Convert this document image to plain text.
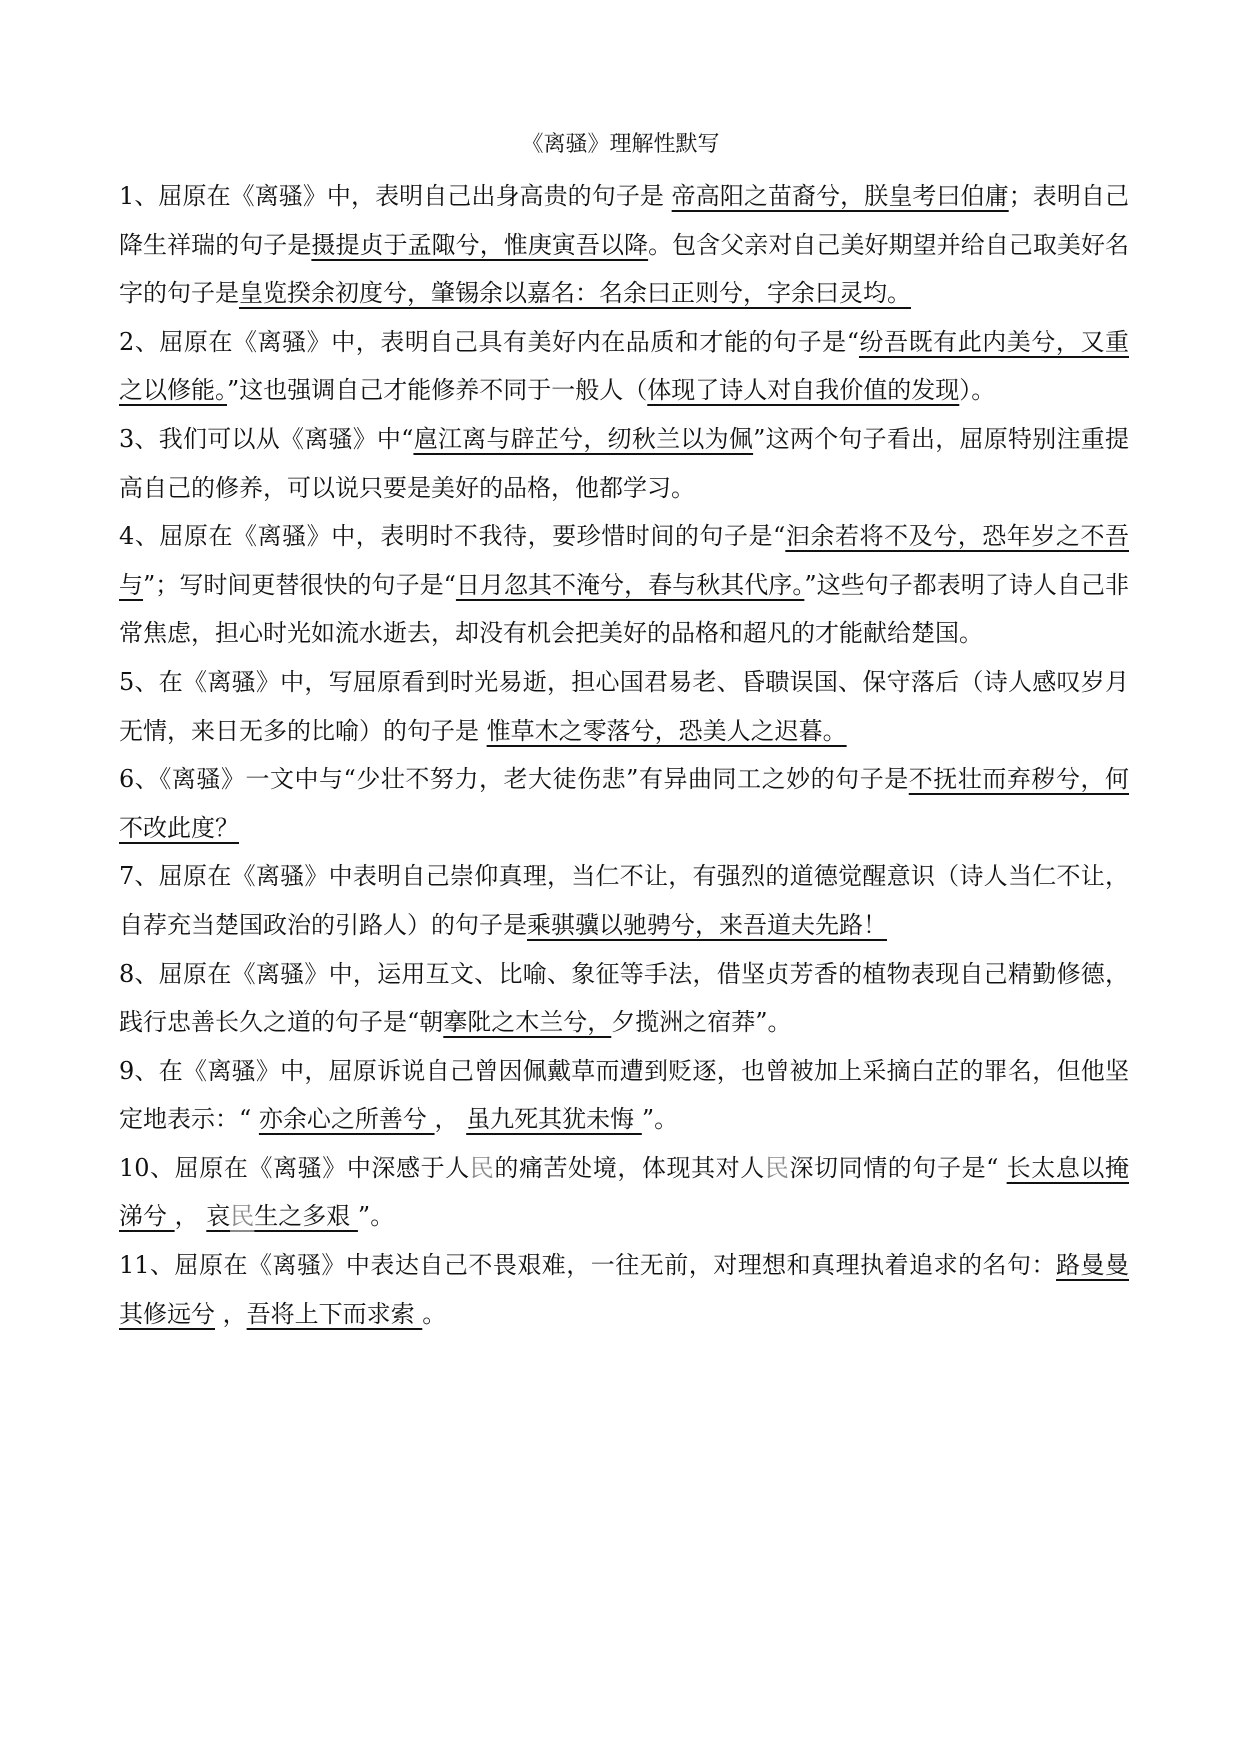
《离骚》理解性默写

1、屈原在《离骚》中，表明自己出身高贵的句子是 帝高阳之苗裔兮，朕皇考曰伯庸；表明自己降生祥瑞的句子是摄提贞于孟陬兮，惟庚寅吾以降。包含父亲对自己美好期望并给自己取美好名字的句子是皇览揆余初度兮，肇锡余以嘉名：名余曰正则兮，字余曰灵均。

2、屈原在《离骚》中，表明自己具有美好内在品质和才能的句子是“纷吾既有此内美兮，又重之以修能。”这也强调自己才能修养不同于一般人（体现了诗人对自我价值的发现）。

3、我们可以从《离骚》中“扈江离与辟芷兮，纫秋兰以为佩”这两个句子看出，屈原特别注重提高自己的修养，可以说只要是美好的品格，他都学习。

4、屈原在《离骚》中，表明时不我待，要珍惜时间的句子是“汩余若将不及兮，恐年岁之不吾与”；写时间更替很快的句子是“日月忽其不淹兮，春与秋其代序。”这些句子都表明了诗人自己非常焦虑，担心时光如流水逝去，却没有机会把美好的品格和超凡的才能献给楚国。

5、在《离骚》中，写屈原看到时光易逝，担心国君易老、昏聩误国、保守落后（诗人感叹岁月无情，来日无多的比喻）的句子是 惟草木之零落兮，恐美人之迟暮。

6、《离骚》一文中与“少壮不努力，老大徒伤悲”有异曲同工之妙的句子是不抚壮而弃秽兮，何不改此度？

7、屈原在《离骚》中表明自己崇仰真理，当仁不让，有强烈的道德觉醒意识（诗人当仁不让，自荐充当楚国政治的引路人）的句子是乘骐骥以驰骋兮，来吾道夫先路！

8、屈原在《离骚》中，运用互文、比喻、象征等手法，借坚贞芳香的植物表现自己精勤修德，践行忠善长久之道的句子是“朝搴阰之木兰兮，夕揽洲之宿莽”。

9、在《离骚》中，屈原诉说自己曾因佩戴草而遭到贬逐，也曾被加上采摘白芷的罪名，但他坚定地表示：“ 亦余心之所善兮 ， 虽九死其犹未悔 ”。

10、屈原在《离骚》中深感于人民的痛苦处境，体现其对人民深切同情的句子是“ 长太息以掩涕兮 ， 哀民生之多艰 ”。

11、屈原在《离骚》中表达自己不畏艰难，一往无前，对理想和真理执着追求的名句：路曼曼其修远兮 ，吾将上下而求索 。
